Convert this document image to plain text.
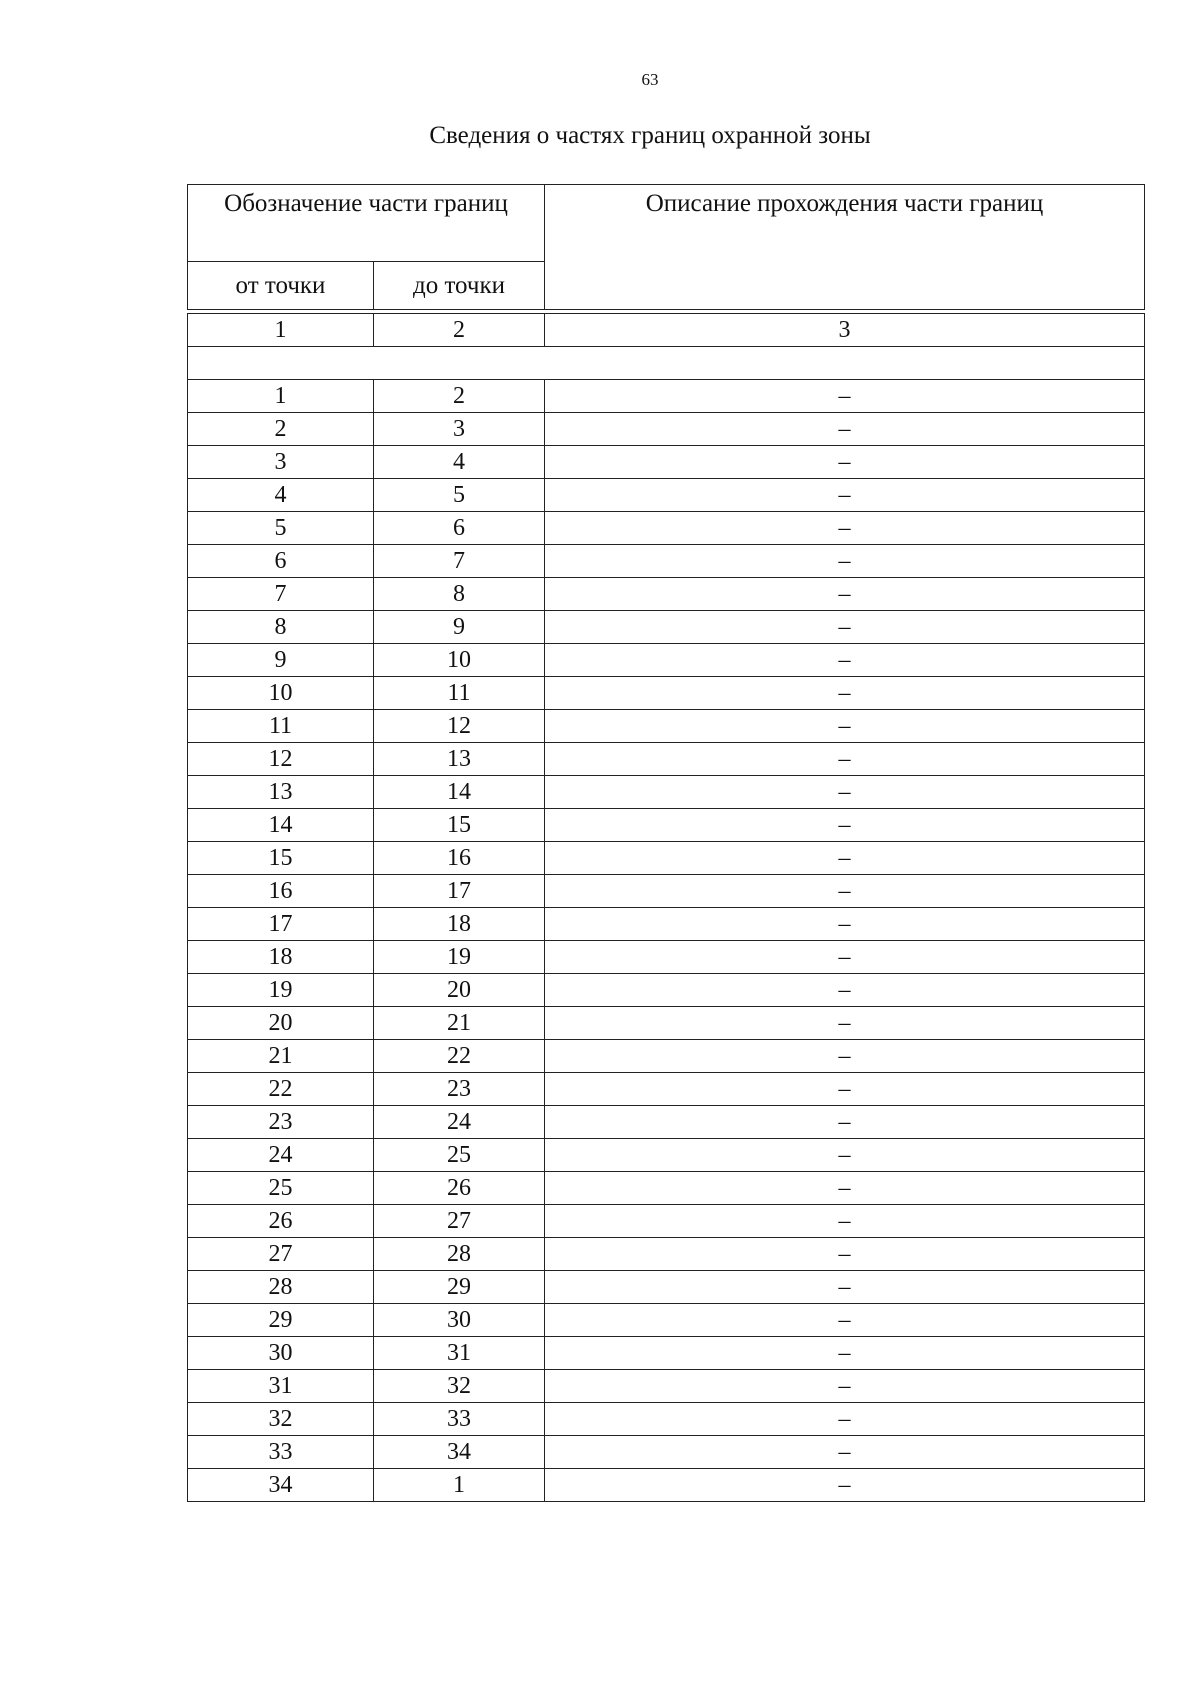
63
Сведения о частях границ охранной зоны
Обозначение части границ		Описание прохождения части границ
от точки	до точки	

1	2	3

1	2	–
2	3	–
3	4	–
4	5	–
5	6	–
6	7	–
7	8	–
8	9	–
9	10	–
10	11	–
11	12	–
12	13	–
13	14	–
14	15	–
15	16	–
16	17	–
17	18	–
18	19	–
19	20	–
20	21	–
21	22	–
22	23	–
23	24	–
24	25	–
25	26	–
26	27	–
27	28	–
28	29	–
29	30	–
30	31	–
31	32	–
32	33	–
33	34	–
34	1	–
